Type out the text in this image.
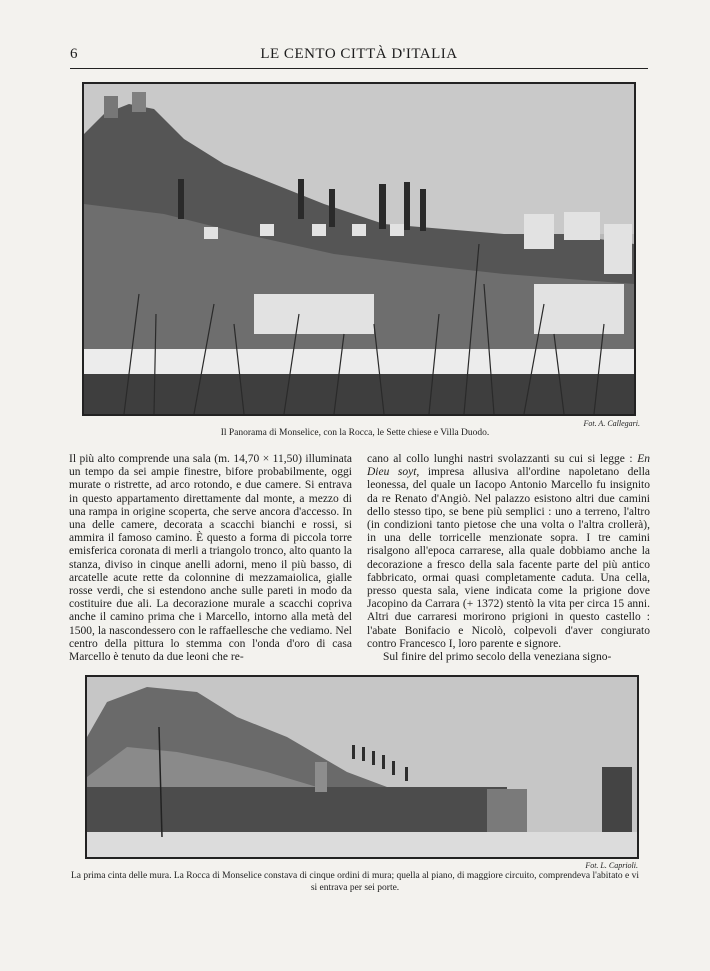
6	LE CENTO CITTÀ D'ITALIA
Fot. A. Callegari.
Il Panorama di Monselice, con la Rocca, le Sette chiese e Villa Duodo.

Il più alto comprende una sala (m. 14,70 × 11,50) illuminata un tempo da sei ampie finestre, bifore probabilmente, oggi murate o ristrette, ad arco rotondo, e due camere. Si entrava in questo appartamento direttamente dal monte, a mezzo di una rampa in origine scoperta, che serve ancora d'accesso. In una delle camere, decorata a scacchi bianchi e rossi, si ammira il famoso camino. È questo a forma di piccola torre emisferica coronata di merli a triangolo tronco, alto quanto la stanza, diviso in cinque anelli adorni, meno il più basso, di arcatelle acute rette da colonnine di mezzamaiolica, gialle rosse verdi, che si estendono anche sulle pareti in modo da costituire due ali. La decorazione murale a scacchi copriva anche il camino prima che i Marcello, intorno alla metà del 1500, la nascondessero con le raffaellesche che vediamo. Nel centro della pittura lo stemma con l'onda d'oro di casa Marcello è tenuto da due leoni che re-

cano al collo lunghi nastri svolazzanti su cui si legge : En Dieu soyt, impresa allusiva all'ordine napoletano della leonessa, del quale un Iacopo Antonio Marcello fu insignito da re Renato d'Angiò. Nel palazzo esistono altri due camini dello stesso tipo, se bene più semplici : uno a terreno, l'altro (in condizioni tanto pietose che una volta o l'altra crollerà), in una delle torricelle menzionate sopra. I tre camini risalgono all'epoca carrarese, alla quale dobbiamo anche la decorazione a fresco della sala facente parte del più antico fabbricato, ormai quasi completamente caduta. Una cella, presso questa sala, viene indicata come la prigione dove Jacopino da Carrara (+ 1372) stentò la vita per circa 15 anni. Altri due carraresi morirono prigioni in questo castello : l'abate Bonifacio e Nicolò, colpevoli d'aver congiurato contro Francesco I, loro parente e signore.

Sul finire del primo secolo della veneziana signo-

Fot. L. Caprioli.
La prima cinta delle mura. La Rocca di Monselice constava di cinque ordini di mura; quella al piano, di maggiore circuito, comprendeva l'abitato e vi si entrava per sei porte.
